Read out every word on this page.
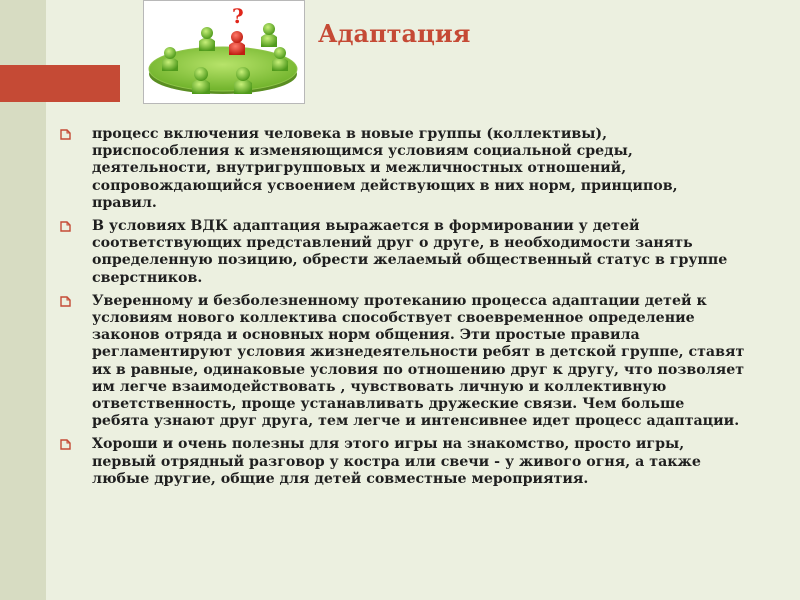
?
Адаптация
процесс включения человека в новые группы (коллективы), приспособления к изменяющимся условиям социальной среды, деятельности, внутригрупповых и межличностных отношений, сопровождающийся усвоением действующих в них норм, принципов, правил.
В условиях ВДК адаптация выражается в формировании у детей соответствующих представлений друг о друге, в необходимости занять определенную позицию, обрести желаемый общественный статус в группе сверстников.
Уверенному и безболезненному протеканию процесса адаптации детей к условиям нового коллектива способствует своевременное определение законов отряда и основных норм общения. Эти простые правила регламентируют условия жизнедеятельности ребят в детской группе, ставят их в равные, одинаковые условия по отношению друг к другу, что позволяет им легче взаимодействовать , чувствовать личную и коллективную ответственность, проще устанавливать дружеские связи. Чем больше ребята узнают друг друга, тем легче и интенсивнее идет процесс адаптации.
Хороши и очень полезны для этого игры на знакомство, просто игры, первый отрядный разговор у костра или свечи - у живого огня, а также любые другие, общие для детей совместные мероприятия.
